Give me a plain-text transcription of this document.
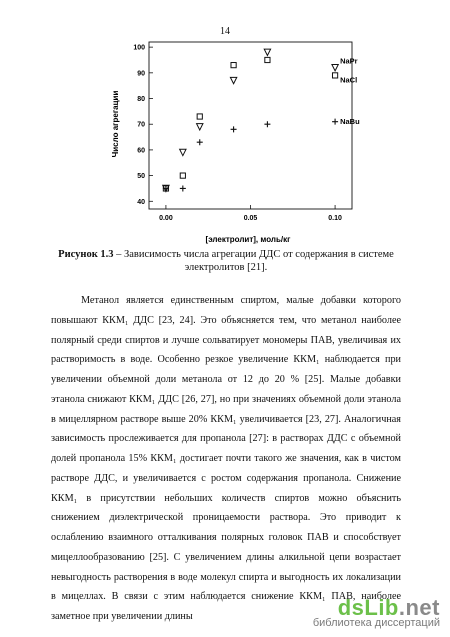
14
40
50
60
70
80
90
100
0.00	0.05	0.10
NaPr
NaCl
NaBu
[электролит], моль/кг
Число агрегации
Рисунок 1.3 – Зависимость числа агрегации ДДС от содержания в системе электролитов [21].

Метанол является единственным спиртом, малые добавки которого повышают ККМ₁ ДДС [23, 24]. Это объясняется тем, что метанол наиболее полярный среди спиртов и лучше сольватирует мономеры ПАВ, увеличивая их растворимость в воде. Особенно резкое увеличение ККМ₁ наблюдается при увеличении объемной доли метанола от 12 до 20 % [25]. Малые добавки этанола снижают ККМ₁ ДДС [26, 27], но при значениях объемной доли этанола в мицеллярном растворе выше 20% ККМ₁ увеличивается [23, 27]. Аналогичная зависимость прослеживается для пропанола [27]: в растворах ДДС с объемной долей пропанола 15% ККМ₁ достигает почти такого же значения, как в чистом растворе ДДС, и увеличивается с ростом содержания пропанола. Снижение ККМ₁ в присутствии небольших количеств спиртов можно объяснить снижением диэлектрической проницаемости раствора. Это приводит к ослаблению взаимного отталкивания полярных головок ПАВ и способствует мицеллообразованию [25]. С увеличением длины алкильной цепи возрастает невыгодность растворения в воде молекул спирта и выгодность их локализации в мицеллах. В связи с этим наблюдается снижение ККМ₁ ПАВ, наиболее заметное при увеличении длины	dsLib.net
библиотека диссертаций
